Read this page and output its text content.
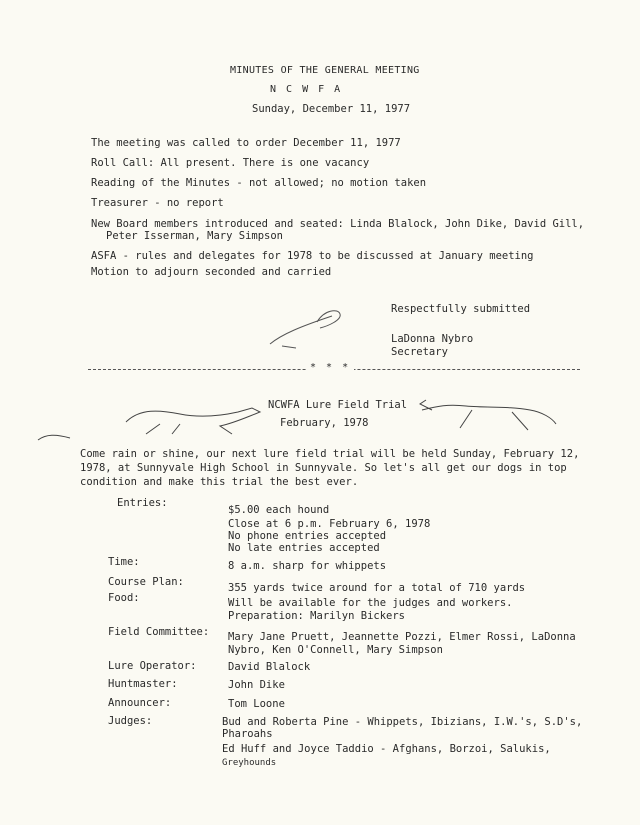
MINUTES OF THE GENERAL MEETING
N C W F A
Sunday, December 11, 1977
The meeting was called to order December 11, 1977
Roll Call: All present. There is one vacancy
Reading of the Minutes - not allowed; no motion taken
Treasurer - no report
New Board members introduced and seated: Linda Blalock, John Dike, David Gill,
Peter Isserman, Mary Simpson
ASFA - rules and delegates for 1978 to be discussed at January meeting
Motion to adjourn seconded and carried
Respectfully submitted
LaDonna Nybro
Secretary
* * *
NCWFA Lure Field Trial
February, 1978
Come rain or shine, our next lure field trial will be held Sunday, February 12,
1978, at Sunnyvale High School in Sunnyvale. So let's all get our dogs in top
condition and make this trial the best ever.
Entries:
$5.00 each hound
Close at 6 p.m. February 6, 1978
No phone entries accepted
No late entries accepted
Time:	8 a.m. sharp for whippets
Course Plan:	355 yards twice around for a total of 710 yards
Food:	Will be available for the judges and workers.
Preparation: Marilyn Bickers
Field Committee: Mary Jane Pruett, Jeannette Pozzi, Elmer Rossi, LaDonna
Nybro, Ken O'Connell, Mary Simpson
Lure Operator:	David Blalock
Huntmaster:	John Dike
Announcer:	Tom Loone
Judges:	Bud and Roberta Pine - Whippets, Ibizians, I.W.'s, S.D's,
Pharoahs
Ed Huff and Joyce Taddio - Afghans, Borzoi, Salukis,
Greyhounds
